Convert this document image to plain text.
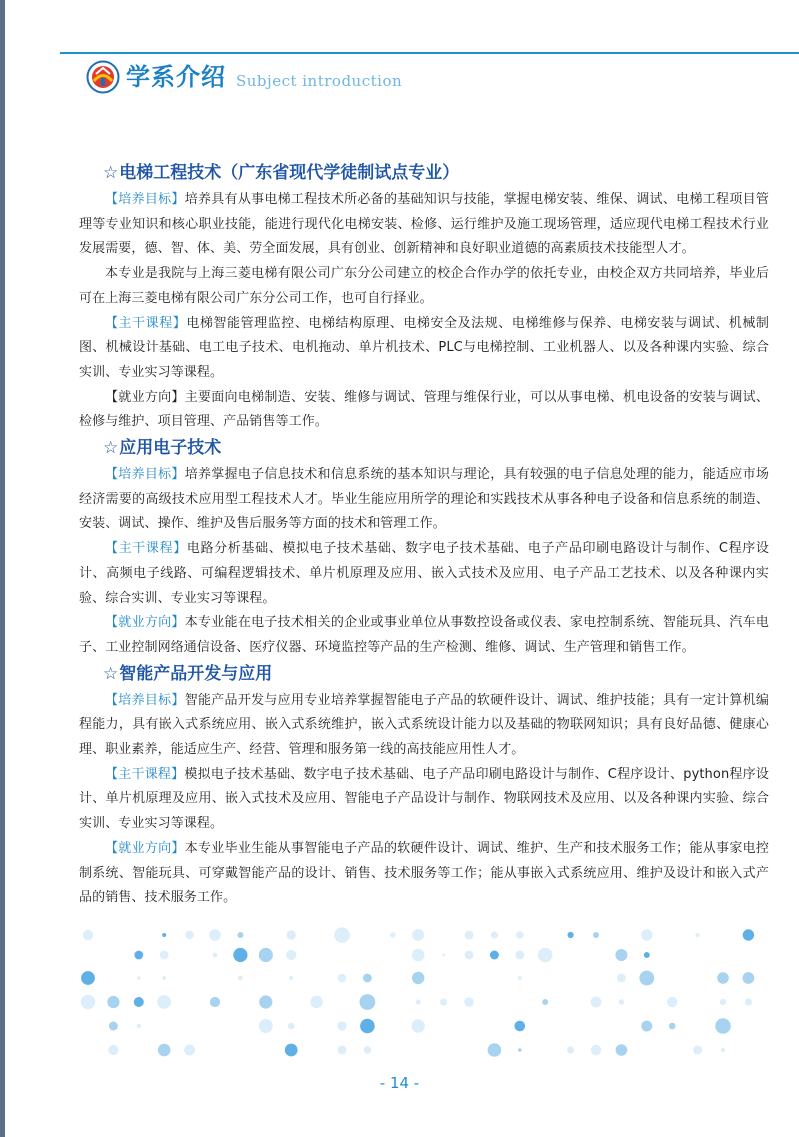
学系介绍 Subject introduction
☆电梯工程技术（广东省现代学徒制试点专业）

【培养目标】培养具有从事电梯工程技术所必备的基础知识与技能，掌握电梯安装、维保、调试、电梯工程项目管理等专业知识和核心职业技能，能进行现代化电梯安装、检修、运行维护及施工现场管理，适应现代电梯工程技术行业发展需要，德、智、体、美、劳全面发展，具有创业、创新精神和良好职业道德的高素质技术技能型人才。

本专业是我院与上海三菱电梯有限公司广东分公司建立的校企合作办学的依托专业，由校企双方共同培养，毕业后可在上海三菱电梯有限公司广东分公司工作，也可自行择业。

【主干课程】电梯智能管理监控、电梯结构原理、电梯安全及法规、电梯维修与保养、电梯安装与调试、机械制图、机械设计基础、电工电子技术、电机拖动、单片机技术、PLC与电梯控制、工业机器人、以及各种课内实验、综合实训、专业实习等课程。

【就业方向】主要面向电梯制造、安装、维修与调试、管理与维保行业，可以从事电梯、机电设备的安装与调试、检修与维护、项目管理、产品销售等工作。

☆应用电子技术

【培养目标】培养掌握电子信息技术和信息系统的基本知识与理论，具有较强的电子信息处理的能力，能适应市场经济需要的高级技术应用型工程技术人才。毕业生能应用所学的理论和实践技术从事各种电子设备和信息系统的制造、安装、调试、操作、维护及售后服务等方面的技术和管理工作。

【主干课程】电路分析基础、模拟电子技术基础、数字电子技术基础、电子产品印刷电路设计与制作、C程序设计、高频电子线路、可编程逻辑技术、单片机原理及应用、嵌入式技术及应用、电子产品工艺技术、以及各种课内实验、综合实训、专业实习等课程。

【就业方向】本专业能在电子技术相关的企业或事业单位从事数控设备或仪表、家电控制系统、智能玩具、汽车电子、工业控制网络通信设备、医疗仪器、环境监控等产品的生产检测、维修、调试、生产管理和销售工作。

☆智能产品开发与应用

【培养目标】智能产品开发与应用专业培养掌握智能电子产品的软硬件设计、调试、维护技能；具有一定计算机编程能力，具有嵌入式系统应用、嵌入式系统维护，嵌入式系统设计能力以及基础的物联网知识；具有良好品德、健康心理、职业素养，能适应生产、经营、管理和服务第一线的高技能应用性人才。

【主干课程】模拟电子技术基础、数字电子技术基础、电子产品印刷电路设计与制作、C程序设计、python程序设计、单片机原理及应用、嵌入式技术及应用、智能电子产品设计与制作、物联网技术及应用、以及各种课内实验、综合实训、专业实习等课程。

【就业方向】本专业毕业生能从事智能电子产品的软硬件设计、调试、维护、生产和技术服务工作；能从事家电控制系统、智能玩具、可穿戴智能产品的设计、销售、技术服务等工作；能从事嵌入式系统应用、维护及设计和嵌入式产品的销售、技术服务工作。

- 14 -
